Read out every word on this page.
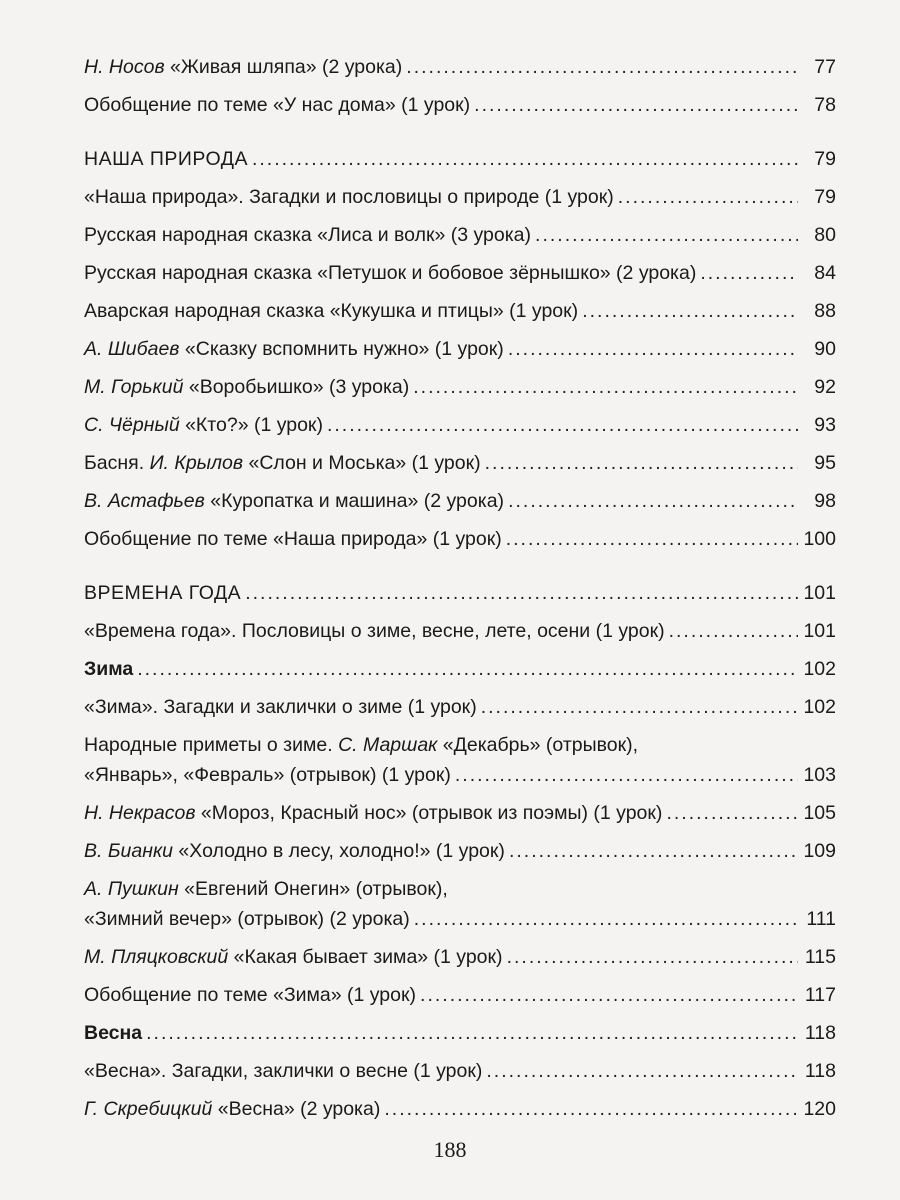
Н. Носов «Живая шляпа» (2 урока) .....	77
Обобщение по теме «У нас дома» (1 урок) .....	78
НАША ПРИРОДА .....	79
«Наша природа». Загадки и пословицы о природе (1 урок) .....	79
Русская народная сказка «Лиса и волк» (3 урока) .....	80
Русская народная сказка «Петушок и бобовое зёрнышко» (2 урока) .....	84
Аварская народная сказка «Кукушка и птицы» (1 урок) .....	88
А. Шибаев «Сказку вспомнить нужно» (1 урок) .....	90
М. Горький «Воробьишко» (3 урока) .....	92
С. Чёрный «Кто?» (1 урок) .....	93
Басня. И. Крылов «Слон и Моська» (1 урок) .....	95
В. Астафьев «Куропатка и машина» (2 урока) .....	98
Обобщение по теме «Наша природа» (1 урок) .....	100
ВРЕМЕНА ГОДА .....	101
«Времена года». Пословицы о зиме, весне, лете, осени (1 урок) .....	101
Зима .....	102
«Зима». Загадки и заклички о зиме (1 урок) .....	102
Народные приметы о зиме. С. Маршак «Декабрь» (отрывок),
«Январь», «Февраль» (отрывок) (1 урок) .....	103
Н. Некрасов «Мороз, Красный нос» (отрывок из поэмы) (1 урок) .....	105
В. Бианки «Холодно в лесу, холодно!» (1 урок) .....	109
А. Пушкин «Евгений Онегин» (отрывок),
«Зимний вечер» (отрывок) (2 урока) .....	111
М. Пляцковский «Какая бывает зима» (1 урок) .....	115
Обобщение по теме «Зима» (1 урок) .....	117
Весна .....	118
«Весна». Загадки, заклички о весне (1 урок) .....	118
Г. Скребицкий «Весна» (2 урока) .....	120
188
